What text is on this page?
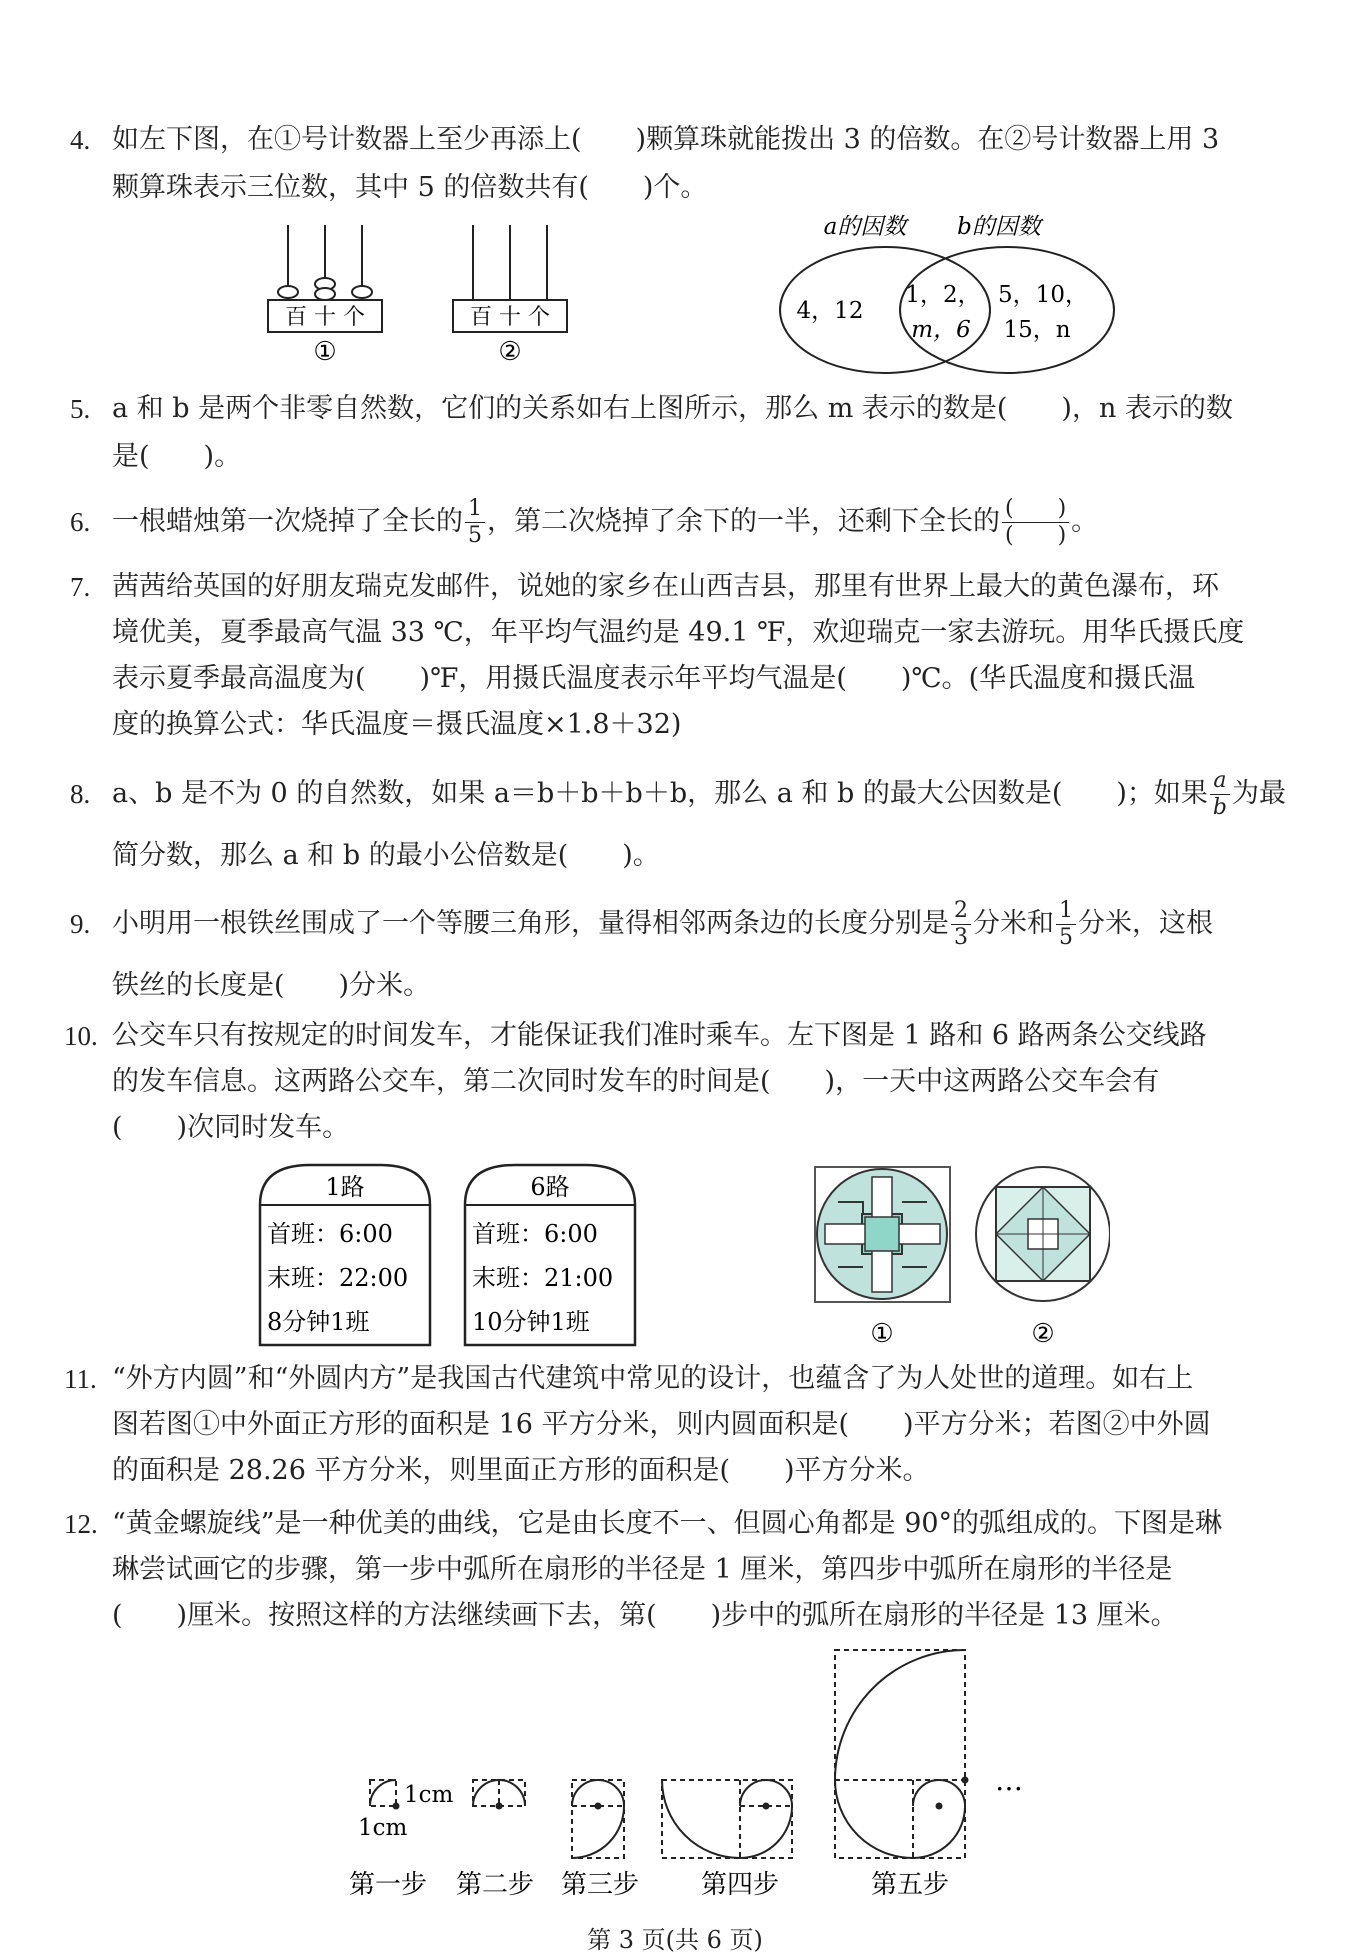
4. 如左下图，在①号计数器上至少再添上(　　)颗算珠就能拨出 3 的倍数。在②号计数器上用 3
颗算珠表示三位数，其中 5 的倍数共有(　　)个。
百 十 个
①
百 十 个
②
a的因数 b的因数
4，12
1，2，
m，6
5，10，
15，n
5. a 和 b 是两个非零自然数，它们的关系如右上图所示，那么 m 表示的数是(　　)，n 表示的数
是(　　)。
6. 一根蜡烛第一次烧掉了全长的 $\frac{1}{5}$ ，第二次烧掉了余下的一半，还剩下全长的 $\frac{( )}{( )}$ 。
7. 茜茜给英国的好朋友瑞克发邮件，说她的家乡在山西吉县，那里有世界上最大的黄色瀑布，环
境优美，夏季最高气温 33 ℃，年平均气温约是 49.1 ℉，欢迎瑞克一家去游玩。用华氏摄氏度
表示夏季最高温度为(　　)℉，用摄氏温度表示年平均气温是(　　)℃。(华氏温度和摄氏温
度的换算公式：华氏温度＝摄氏温度×1.8＋32)
8. a、b 是不为 0 的自然数，如果 a＝b＋b＋b＋b，那么 a 和 b 的最大公因数是(　　)；如果 $\frac{a}{b}$ 为最
简分数，那么 a 和 b 的最小公倍数是(　　)。
9. 小明用一根铁丝围成了一个等腰三角形，量得相邻两条边的长度分别是 $\frac{2}{3}$ 分米和 $\frac{1}{5}$ 分米，这根
铁丝的长度是(　　)分米。
10. 公交车只有按规定的时间发车，才能保证我们准时乘车。左下图是 1 路和 6 路两条公交线路
的发车信息。这两路公交车，第二次同时发车的时间是(　　)，一天中这两路公交车会有
(　　)次同时发车。
1路
首班：6:00
末班：22:00
8分钟1班
6路
首班：6:00
末班：21:00
10分钟1班	①	②
11. “外方内圆”和“外圆内方”是我国古代建筑中常见的设计，也蕴含了为人处世的道理。如右上
图若图①中外面正方形的面积是 16 平方分米，则内圆面积是(　　)平方分米；若图②中外圆
的面积是 28.26 平方分米，则里面正方形的面积是(　　)平方分米。
12. “黄金螺旋线”是一种优美的曲线，它是由长度不一、但圆心角都是 90°的弧组成的。下图是琳
琳尝试画它的步骤，第一步中弧所在扇形的半径是 1 厘米，第四步中弧所在扇形的半径是
(　　)厘米。按照这样的方法继续画下去，第(　　)步中的弧所在扇形的半径是 13 厘米。
1cm
1cm
…
第一步 第二步 第三步 第四步	第五步
第 3 页(共 6 页)
